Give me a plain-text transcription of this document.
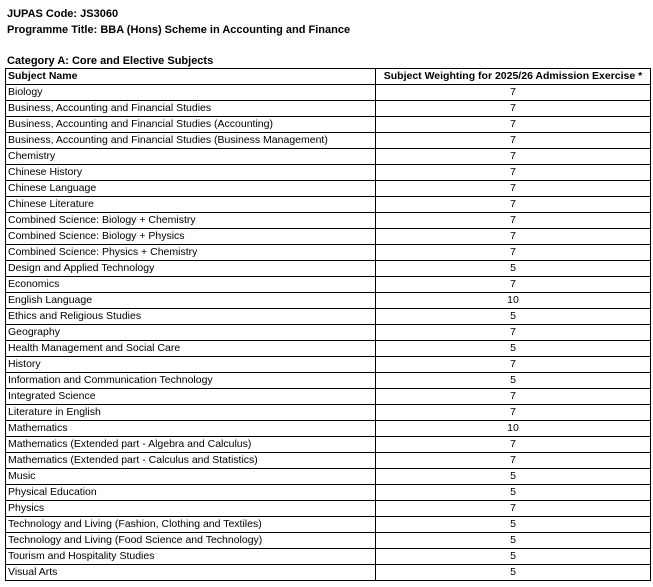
JUPAS Code: JS3060
Programme Title: BBA (Hons) Scheme in Accounting and Finance
Category A: Core and Elective Subjects
Subject Name	Subject Weighting for 2025/26 Admission Exercise *
Biology	7
Business, Accounting and Financial Studies	7
Business, Accounting and Financial Studies (Accounting)	7
Business, Accounting and Financial Studies (Business Management)	7
Chemistry	7
Chinese History	7
Chinese Language	7
Chinese Literature	7
Combined Science: Biology + Chemistry	7
Combined Science: Biology + Physics	7
Combined Science: Physics + Chemistry	7
Design and Applied Technology	5
Economics	7
English Language	10
Ethics and Religious Studies	5
Geography	7
Health Management and Social Care	5
History	7
Information and Communication Technology	5
Integrated Science	7
Literature in English	7
Mathematics	10
Mathematics (Extended part - Algebra and Calculus)	7
Mathematics (Extended part - Calculus and Statistics)	7
Music	5
Physical Education	5
Physics	7
Technology and Living (Fashion, Clothing and Textiles)	5
Technology and Living (Food Science and Technology)	5
Tourism and Hospitality Studies	5
Visual Arts	5
